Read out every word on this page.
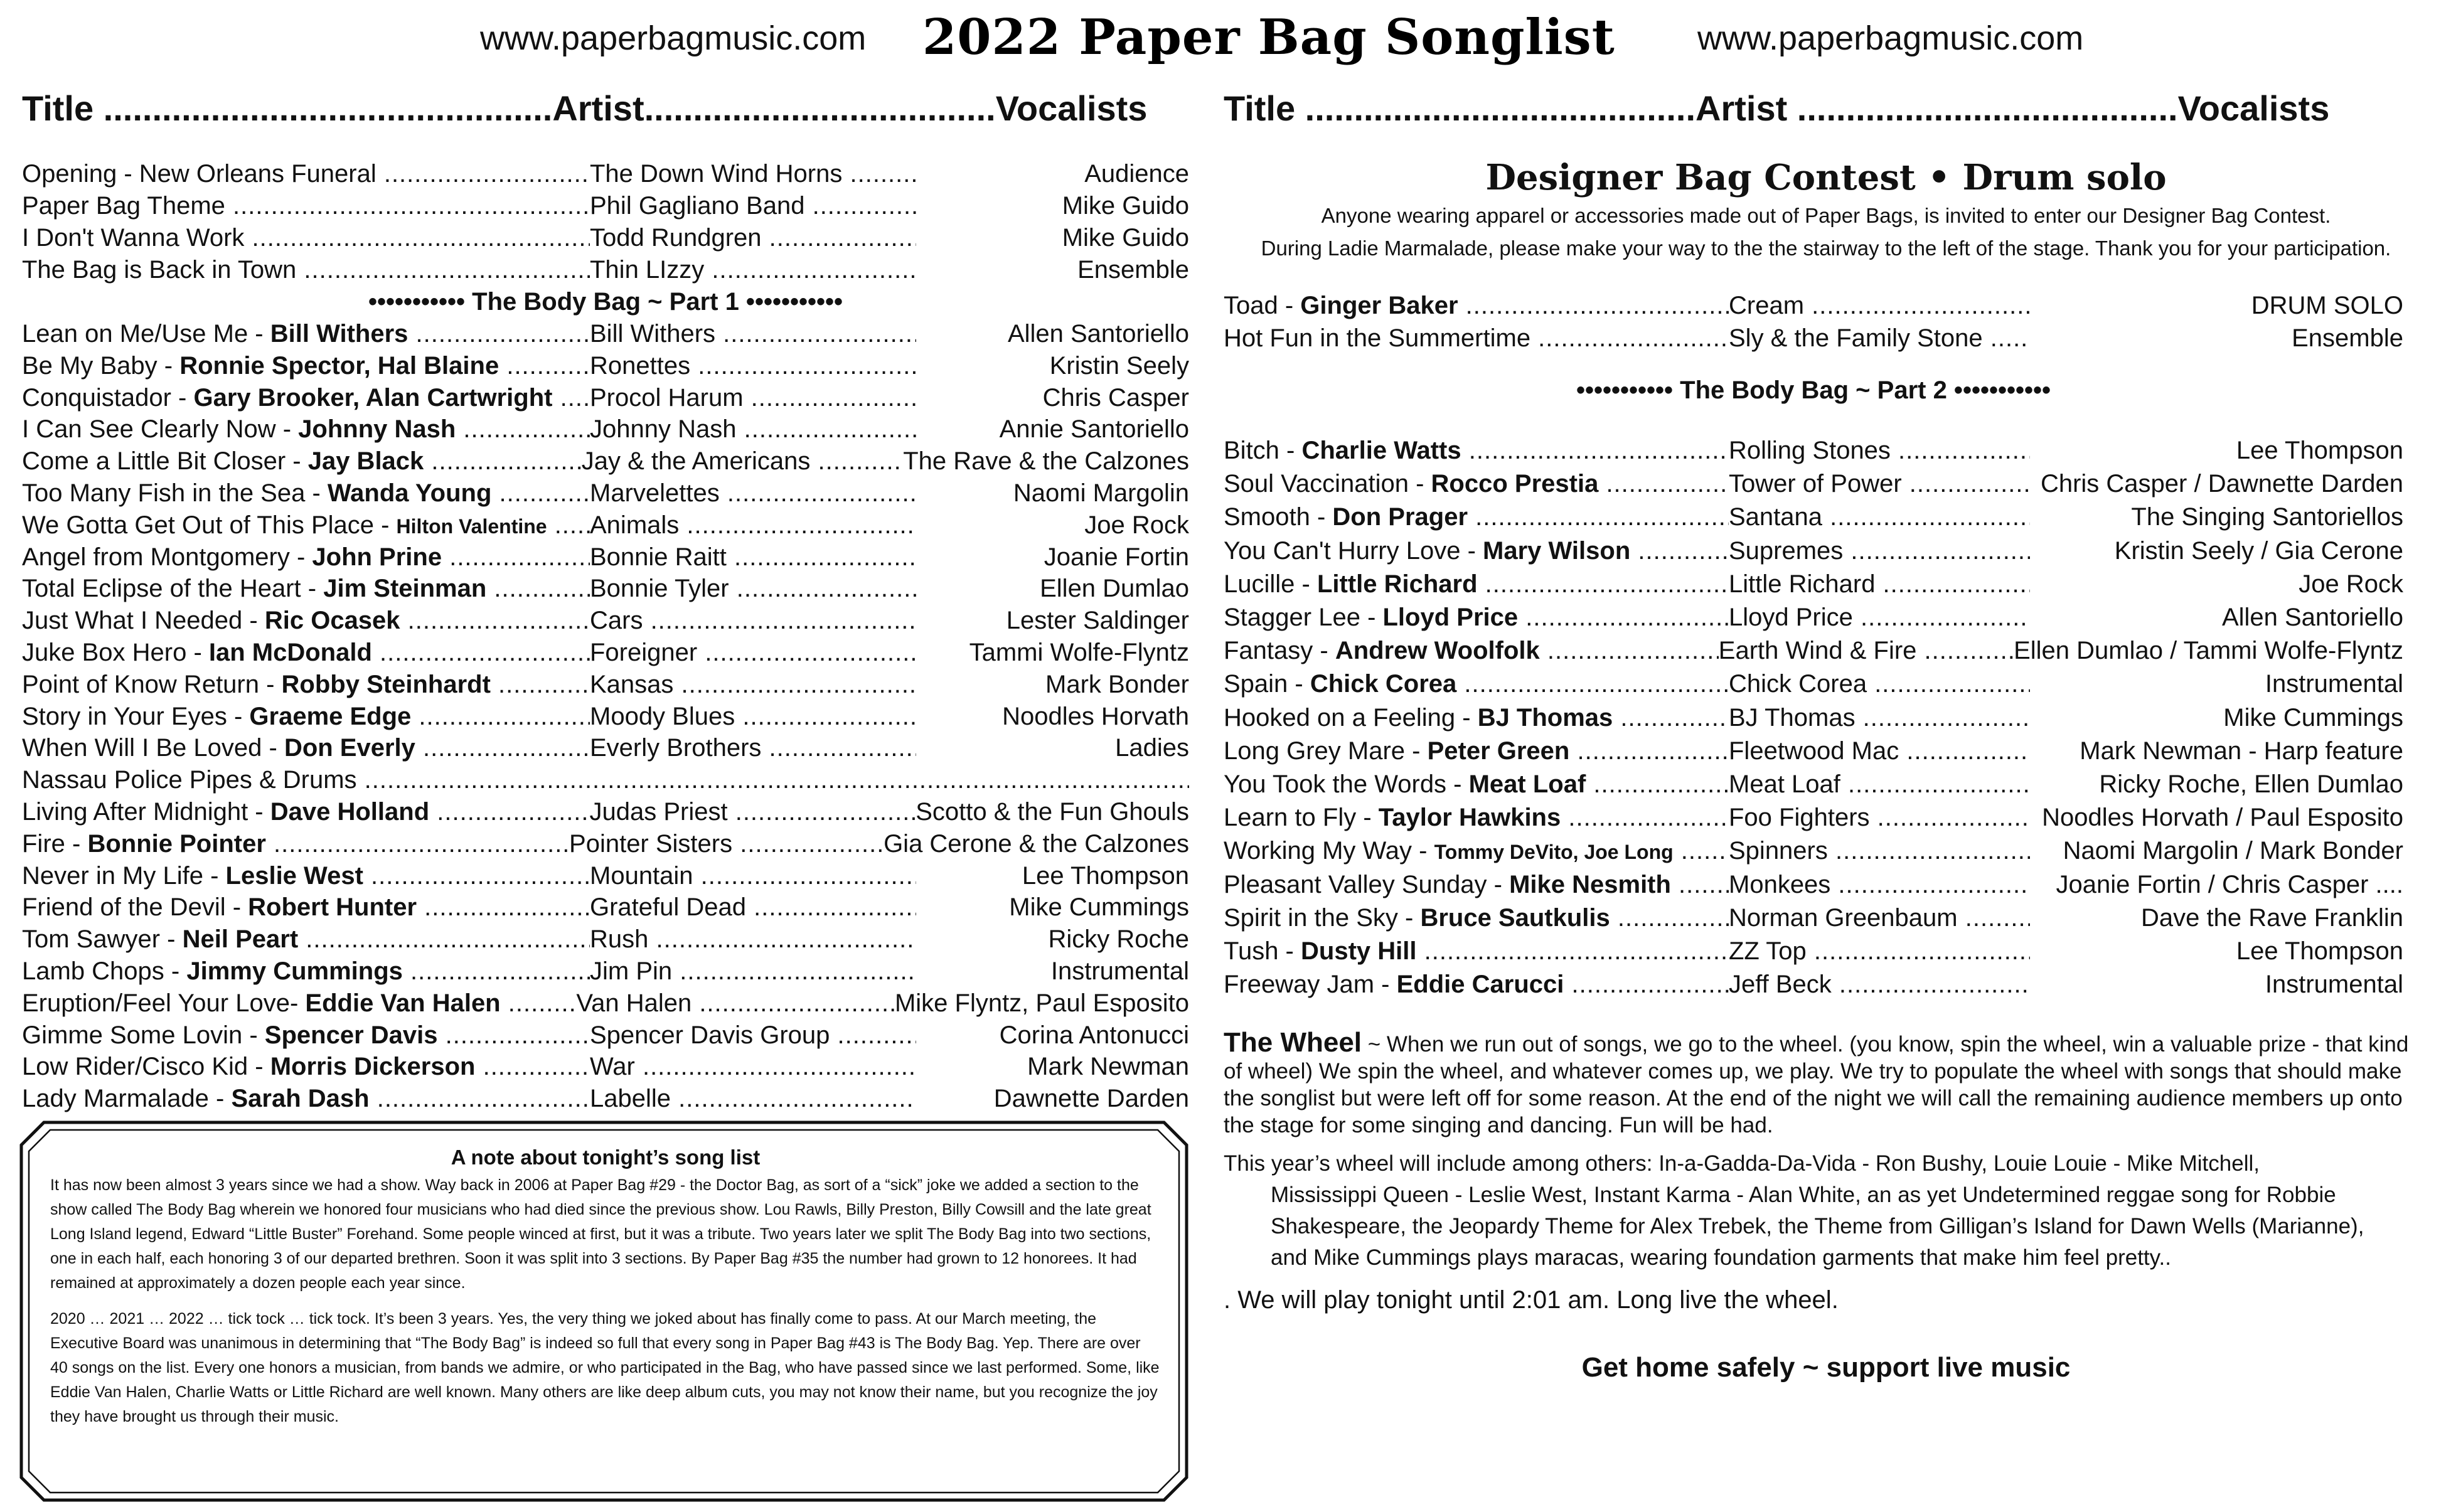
www.paperbagmusic.com 2022 Paper Bag Songlist www.paperbagmusic.com
Title ..............................................Artist....................................Vocalists	Title ........................................Artist .......................................Vocalists
Opening - New Orleans Funeral .....	The Down Wind Horns .....	Audience
Paper Bag Theme .....	Phil Gagliano Band .....	Mike Guido
I Don't Wanna Work .....	Todd Rundgren .....	Mike Guido
The Bag is Back in Town .....	Thin LIzzy .....	Ensemble
Lean on Me/Use Me - Bill Withers .....	Bill Withers .....	Allen Santoriello
Be My Baby - Ronnie Spector, Hal Blaine .....	Ronettes .....	Kristin Seely
Conquistador - Gary Brooker, Alan Cartwright .....	Procol Harum .....	Chris Casper
I Can See Clearly Now - Johnny Nash .....	Johnny Nash .....	Annie Santoriello
Come a Little Bit Closer - Jay Black .....	Jay & the Americans .....	The Rave & the Calzones
Too Many Fish in the Sea - Wanda Young .....	Marvelettes .....	Naomi Margolin
We Gotta Get Out of This Place - Hilton Valentine .....	Animals .....	Joe Rock
Angel from Montgomery - John Prine .....	Bonnie Raitt .....	Joanie Fortin
Total Eclipse of the Heart - Jim Steinman .....	Bonnie Tyler .....	Ellen Dumlao
Just What I Needed - Ric Ocasek .....	Cars .....	Lester Saldinger
Juke Box Hero - Ian McDonald .....	Foreigner .....	Tammi Wolfe-Flyntz
Point of Know Return - Robby Steinhardt .....	Kansas .....	Mark Bonder
Story in Your Eyes - Graeme Edge .....	Moody Blues .....	Noodles Horvath
When Will I Be Loved - Don Everly .....	Everly Brothers .....	Ladies
Nassau Police Pipes & Drums .....
Living After Midnight - Dave Holland .....	Judas Priest .....	Scotto & the Fun Ghouls
Fire - Bonnie Pointer .....	Pointer Sisters .....	Gia Cerone & the Calzones
Never in My Life - Leslie West .....	Mountain .....	Lee Thompson
Friend of the Devil - Robert Hunter .....	Grateful Dead .....	Mike Cummings
Tom Sawyer - Neil Peart .....	Rush .....	Ricky Roche
Lamb Chops - Jimmy Cummings .....	Jim Pin .....	Instrumental
Eruption/Feel Your Love- Eddie Van Halen .....	Van Halen .....	Mike Flyntz, Paul Esposito
Gimme Some Lovin - Spencer Davis .....	Spencer Davis Group .....	Corina Antonucci
Low Rider/Cisco Kid - Morris Dickerson .....	War .....	Mark Newman
Lady Marmalade - Sarah Dash .....	Labelle .....	Dawnette Darden
••••••••••• The Body Bag ~ Part 1 •••••••••••
A note about tonight’s song list

It has now been almost 3 years since we had a show. Way back in 2006 at Paper Bag #29 - the Doctor Bag, as sort of a “sick” joke we added a section to the show called The Body Bag wherein we honored four musicians who had died since the previous show. Lou Rawls, Billy Preston, Billy Cowsill and the late great Long Island legend, Edward “Little Buster” Forehand. Some people winced at first, but it was a tribute. Two years later we split The Body Bag into two sections, one in each half, each honoring 3 of our departed brethren. Soon it was split into 3 sections. By Paper Bag #35 the number had grown to 12 honorees. It had remained at approximately a dozen people each year since.

2020 … 2021 … 2022 … tick tock … tick tock. It’s been 3 years. Yes, the very thing we joked about has finally come to pass. At our March meeting, the Executive Board was unanimous in determining that “The Body Bag” is indeed so full that every song in Paper Bag #43 is The Body Bag. Yep. There are over 40 songs on the list. Every one honors a musician, from bands we admire, or who participated in the Bag, who have passed since we last performed. Some, like Eddie Van Halen, Charlie Watts or Little Richard are well known. Many others are like deep album cuts, you may not know their name, but you recognize the joy they have brought us through their music.

Designer Bag Contest • Drum solo
Anyone wearing apparel or accessories made out of Paper Bags, is invited to enter our Designer Bag Contest.
During Ladie Marmalade, please make your way to the the stairway to the left of the stage. Thank you for your participation.
Toad - Ginger Baker .....	Cream .....	DRUM SOLO
Hot Fun in the Summertime .....	Sly & the Family Stone .....	Ensemble
Bitch - Charlie Watts .....	Rolling Stones .....	Lee Thompson
Soul Vaccination - Rocco Prestia .....	Tower of Power .....	Chris Casper / Dawnette Darden
Smooth - Don Prager .....	Santana .....	The Singing Santoriellos
You Can't Hurry Love - Mary Wilson .....	Supremes .....	Kristin Seely / Gia Cerone
Lucille - Little Richard .....	Little Richard .....	Joe Rock
Stagger Lee - Lloyd Price .....	Lloyd Price .....	Allen Santoriello
Fantasy - Andrew Woolfolk .....	Earth Wind & Fire .....	Ellen Dumlao / Tammi Wolfe-Flyntz
Spain - Chick Corea .....	Chick Corea .....	Instrumental
Hooked on a Feeling - BJ Thomas .....	BJ Thomas .....	Mike Cummings
Long Grey Mare - Peter Green .....	Fleetwood Mac .....	Mark Newman - Harp feature
You Took the Words - Meat Loaf .....	Meat Loaf .....	Ricky Roche, Ellen Dumlao
Learn to Fly - Taylor Hawkins .....	Foo Fighters .....	Noodles Horvath / Paul Esposito
Working My Way - Tommy DeVito, Joe Long .....	Spinners .....	Naomi Margolin / Mark Bonder
Pleasant Valley Sunday - Mike Nesmith .....	Monkees .....	Joanie Fortin / Chris Casper ....
Spirit in the Sky - Bruce Sautkulis .....	Norman Greenbaum .....	Dave the Rave Franklin
Tush - Dusty Hill .....	ZZ Top .....	Lee Thompson
Freeway Jam - Eddie Carucci .....	Jeff Beck .....	Instrumental
••••••••••• The Body Bag ~ Part 2 •••••••••••
The Wheel ~ When we run out of songs, we go to the wheel. (you know, spin the wheel, win a valuable prize - that kind of wheel) We spin the wheel, and whatever comes up, we play. We try to populate the wheel with songs that should make the songlist but were left off for some reason. At the end of the night we will call the remaining audience members up onto the stage for some singing and dancing. Fun will be had.
This year’s wheel will include among others: In-a-Gadda-Da-Vida - Ron Bushy, Louie Louie - Mike Mitchell,
Mississippi Queen - Leslie West, Instant Karma - Alan White, an as yet Undetermined reggae song for Robbie
Shakespeare, the Jeopardy Theme for Alex Trebek, the Theme from Gilligan’s Island for Dawn Wells (Marianne),
and Mike Cummings plays maracas, wearing foundation garments that make him feel pretty..
. We will play tonight until 2:01 am. Long live the wheel.
Get home safely ~ support live music
